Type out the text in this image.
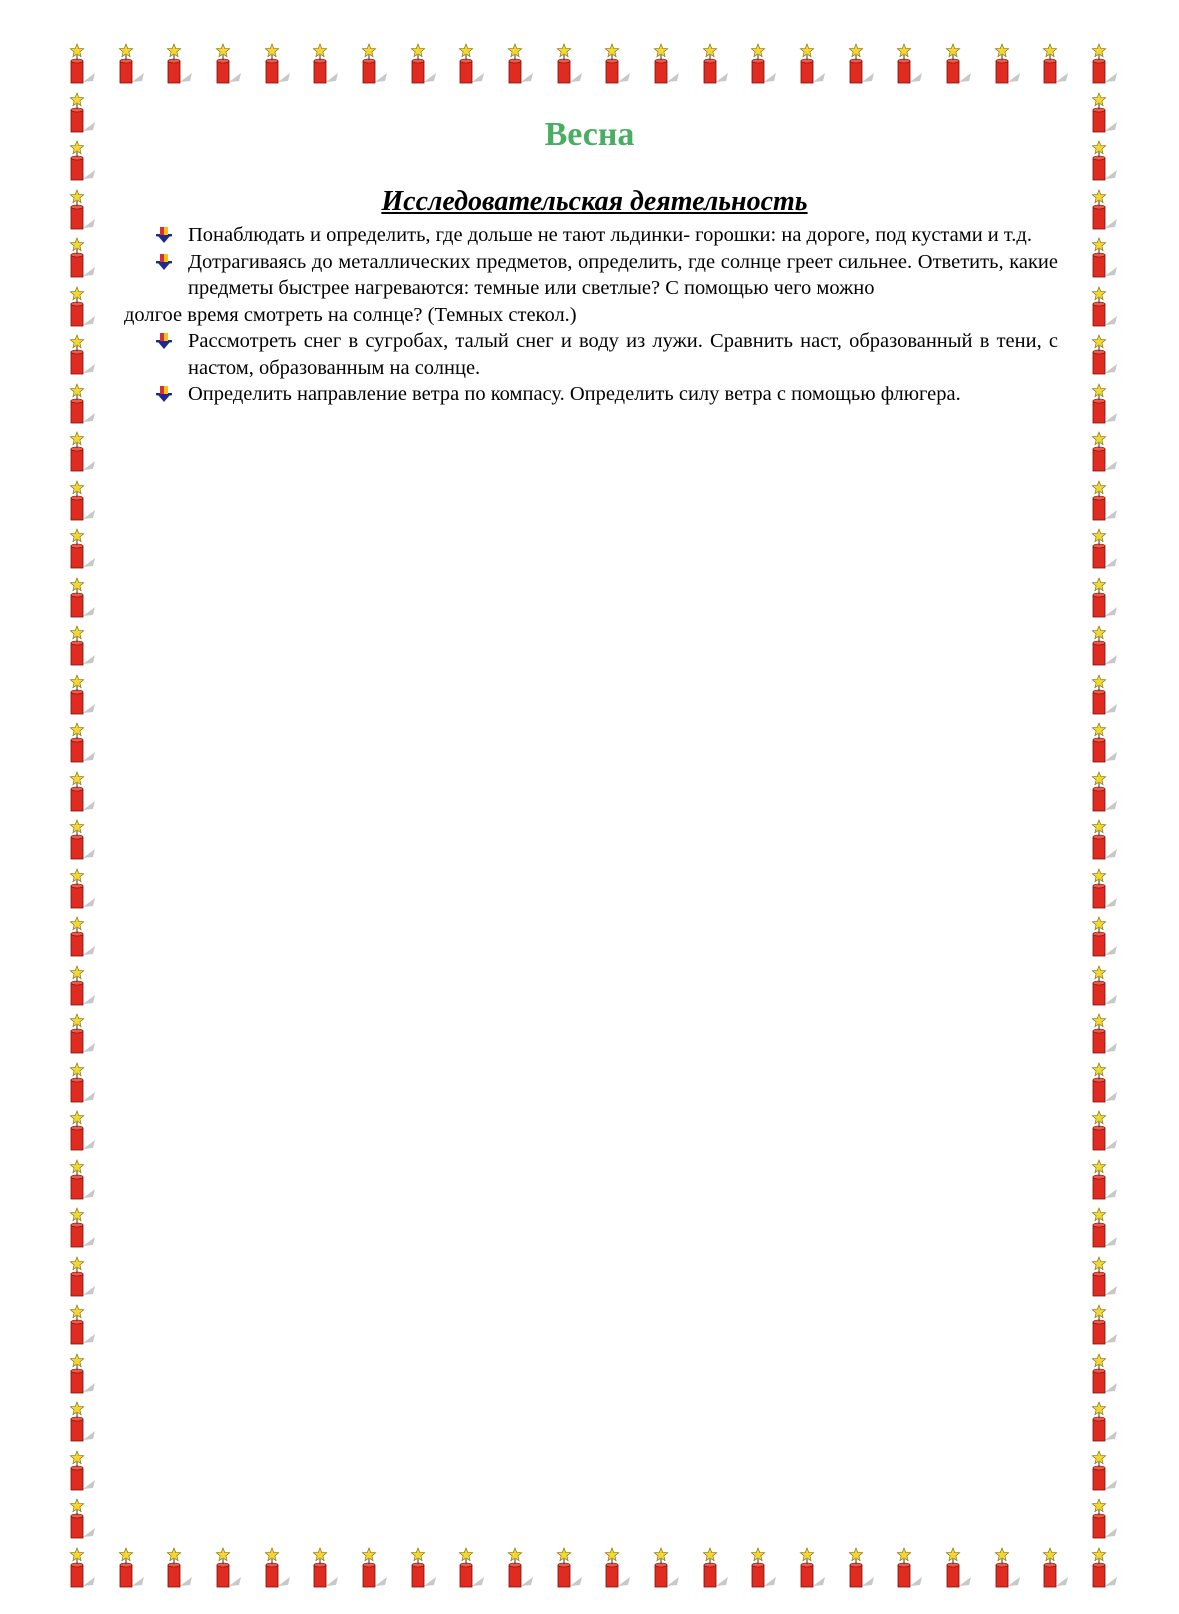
Весна
Исследовательская деятельность
Понаблюдать и определить, где дольше не тают льдинки- горошки: на дороге, под кустами и т.д.
Дотрагиваясь до металлических предметов, определить, где солнце греет сильнее. Ответить, какие предметы быстрее нагреваются: темные или светлые? С помощью чего можно
долгое время смотреть на солнце? (Темных стекол.)
Рассмотреть снег в сугробах, талый снег и воду из лужи. Сравнить наст, образованный в тени, с настом, образованным на солнце.
Определить направление ветра по компасу. Определить силу ветра с помощью флюгера.
